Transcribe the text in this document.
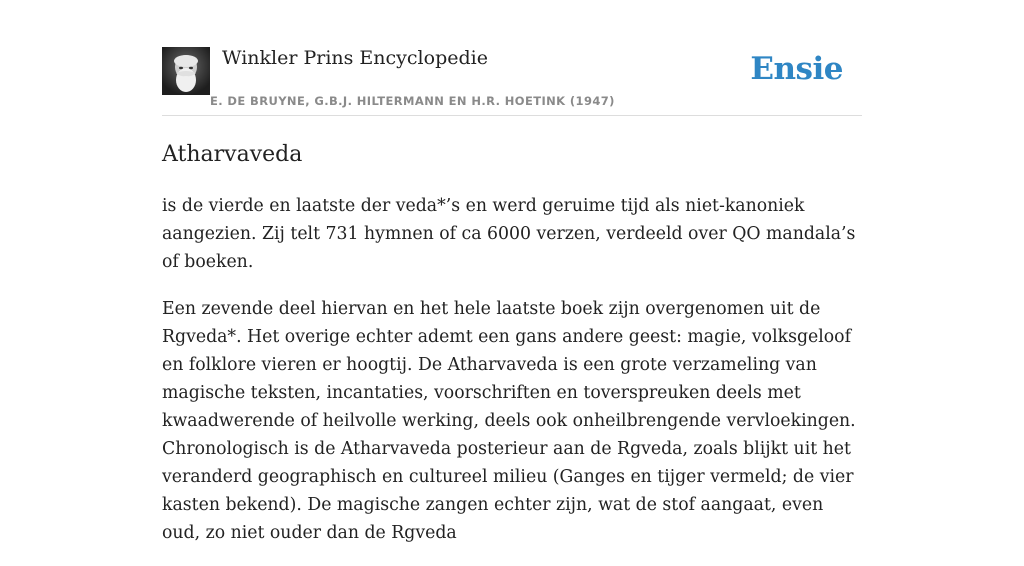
Winkler Prins Encyclopedie
E. DE BRUYNE, G.B.J. HILTERMANN EN H.R. HOETINK (1947)
Ensie
Atharvaveda

is de vierde en laatste der veda*’s en werd geruime tijd als niet-kanoniek aangezien. Zij telt 731 hymnen of ca 6000 verzen, verdeeld over QO mandala’s of boeken.

Een zevende deel hiervan en het hele laatste boek zijn overgenomen uit de Rgveda*. Het overige echter ademt een gans andere geest: magie, volksgeloof en folklore vieren er hoogtij. De Atharvaveda is een grote verzameling van magische teksten, incantaties, voorschriften en toverspreuken deels met kwaadwerende of heilvolle werking, deels ook onheilbrengende vervloekingen. Chronologisch is de Atharvaveda posterieur aan de Rgveda, zoals blijkt uit het veranderd geographisch en cultureel milieu (Ganges en tijger vermeld; de vier kasten bekend). De magische zangen echter zijn, wat de stof aangaat, even oud, zo niet ouder dan de Rgveda
